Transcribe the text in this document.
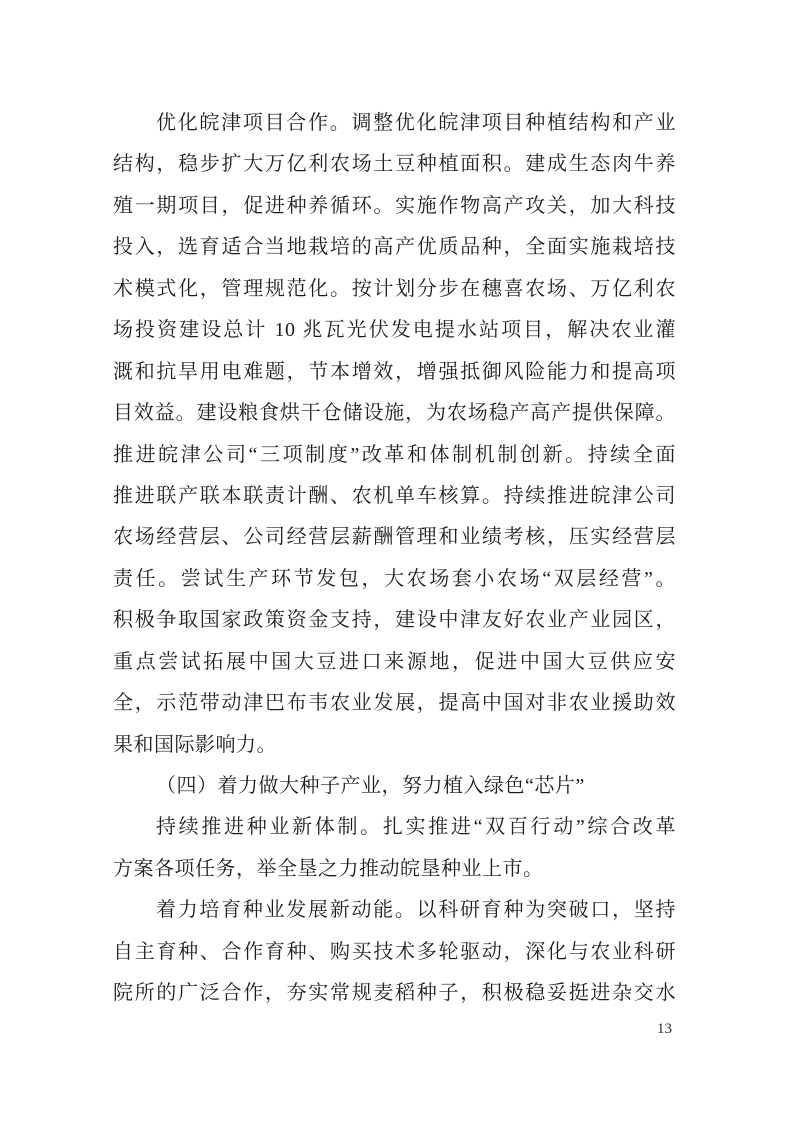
优化皖津项目合作。调整优化皖津项目种植结构和产业
结构，稳步扩大万亿利农场土豆种植面积。建成生态肉牛养
殖一期项目，促进种养循环。实施作物高产攻关，加大科技
投入，选育适合当地栽培的高产优质品种，全面实施栽培技
术模式化，管理规范化。按计划分步在穗喜农场、万亿利农
场投资建设总计 10 兆瓦光伏发电提水站项目，解决农业灌
溉和抗旱用电难题，节本增效，增强抵御风险能力和提高项
目效益。建设粮食烘干仓储设施，为农场稳产高产提供保障。
推进皖津公司“三项制度”改革和体制机制创新。持续全面
推进联产联本联责计酬、农机单车核算。持续推进皖津公司
农场经营层、公司经营层薪酬管理和业绩考核，压实经营层
责任。尝试生产环节发包，大农场套小农场“双层经营”。
积极争取国家政策资金支持，建设中津友好农业产业园区，
重点尝试拓展中国大豆进口来源地，促进中国大豆供应安
全，示范带动津巴布韦农业发展，提高中国对非农业援助效
果和国际影响力。
（四）着力做大种子产业，努力植入绿色“芯片”
持续推进种业新体制。扎实推进“双百行动”综合改革
方案各项任务，举全垦之力推动皖垦种业上市。
着力培育种业发展新动能。以科研育种为突破口，坚持
自主育种、合作育种、购买技术多轮驱动，深化与农业科研
院所的广泛合作，夯实常规麦稻种子，积极稳妥挺进杂交水
13
